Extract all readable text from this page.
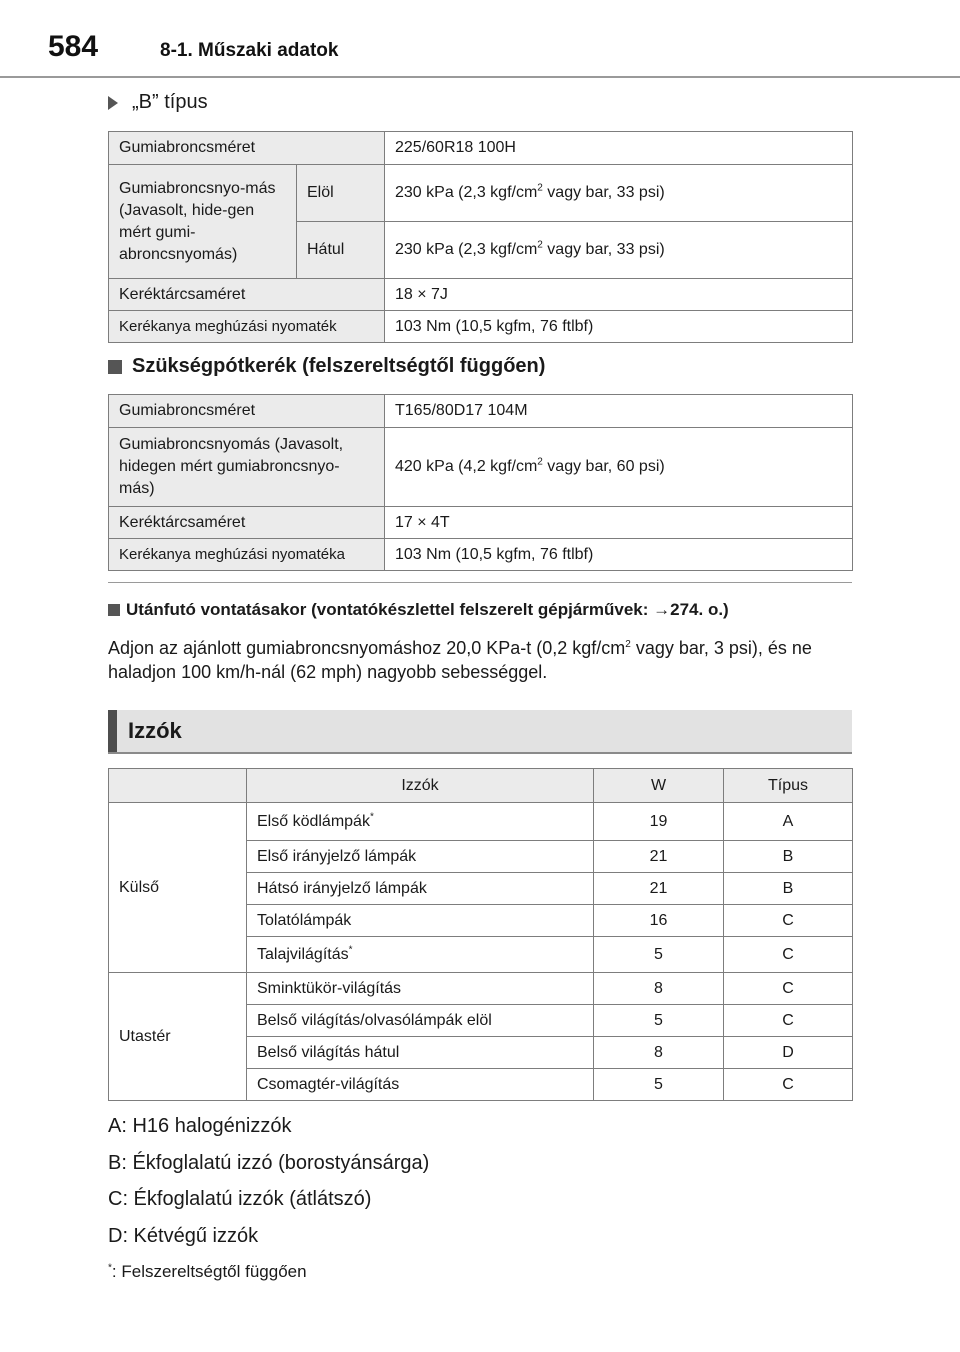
584	8-1. Műszaki adatok
„B” típus
Gumiabroncsméret		225/60R18 100H
Gumiabroncsnyo-más (Javasolt, hide-gen mért gumi-abroncsnyomás)	Elöl	230 kPa (2,3 kgf/$cm^2$ vagy bar, 33 psi)
	Hátul	230 kPa (2,3 kgf/$cm^2$ vagy bar, 33 psi)
Keréktárcsaméret		18 × 7J
Kerékanya meghúzási nyomaték		103 Nm (10,5 kgfm, 76 ftlbf)
Szükségpótkerék (felszereltségtől függően)
Gumiabroncsméret	T165/80D17 104M
Gumiabroncsnyomás (Javasolt, hidegen mért gumiabroncsnyo-más)	420 kPa (4,2 kgf/$cm^2$ vagy bar, 60 psi)
Keréktárcsaméret	17 × 4T
Kerékanya meghúzási nyomatéka	103 Nm (10,5 kgfm, 76 ftlbf)
Utánfutó vontatásakor (vontatókészlettel felszerelt gépjárművek: →274. o.)
Adjon az ajánlott gumiabroncsnyomáshoz 20,0 KPa-t (0,2 kgf/$cm^2$ vagy bar, 3 psi), és ne haladjon 100 km/h-nál (62 mph) nagyobb sebességgel.
Izzók
	Izzók	W	Típus
Külső	Első ködlámpák*	19	A
	Első irányjelző lámpák	21	B
	Hátsó irányjelző lámpák	21	B
	Tolatólámpák	16	C
	Talajvilágítás*	5	C
Utastér	Sminktükör-világítás	8	C
	Belső világítás/olvasólámpák elöl	5	C
	Belső világítás hátul	8	D
	Csomagtér-világítás	5	C
A: H16 halogénizzók
B: Ékfoglalatú izzó (borostyánsárga)
C: Ékfoglalatú izzók (átlátszó)
D: Kétvégű izzók
*: Felszereltségtől függően
